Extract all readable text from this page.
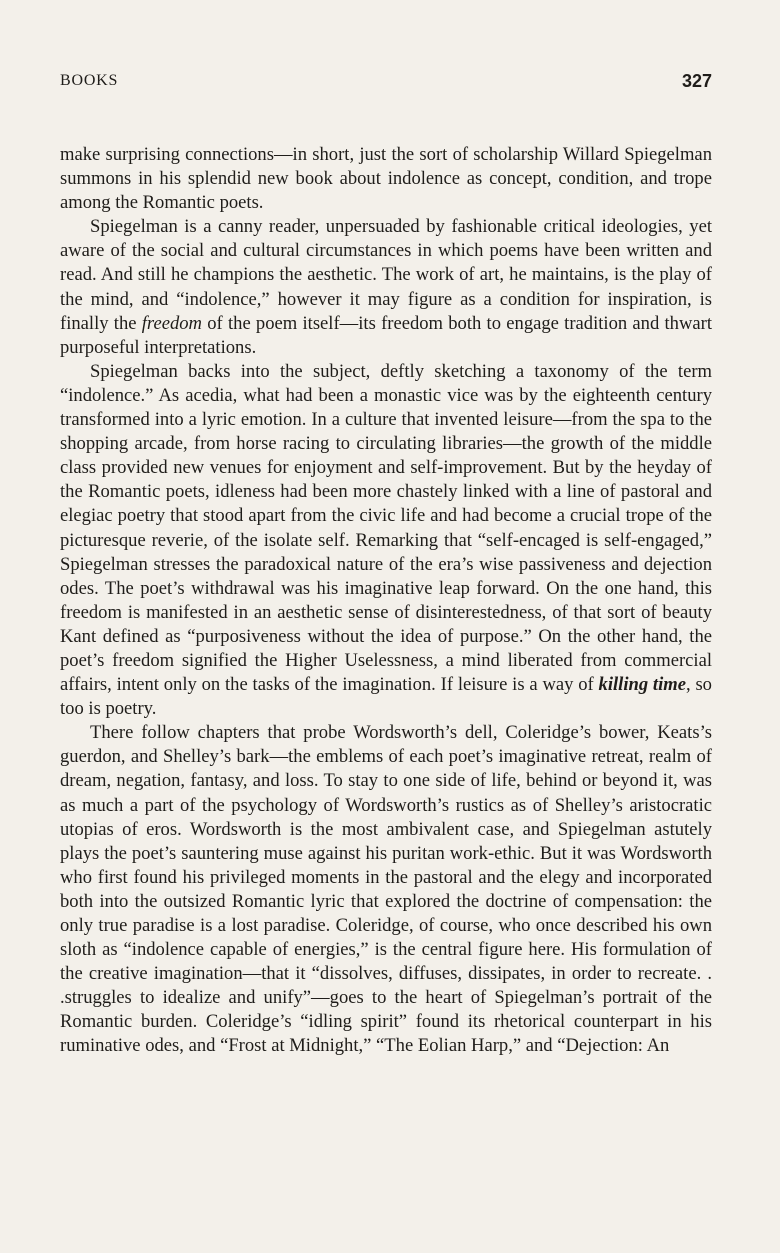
BOOKS	327

make surprising connections—in short, just the sort of scholarship Willard Spiegelman summons in his splendid new book about indolence as concept, condition, and trope among the Romantic poets.

Spiegelman is a canny reader, unpersuaded by fashionable critical ideologies, yet aware of the social and cultural circumstances in which poems have been written and read. And still he champions the aesthetic. The work of art, he maintains, is the play of the mind, and “indolence,” however it may figure as a condition for inspiration, is finally the freedom of the poem itself—its freedom both to engage tradition and thwart purposeful interpretations.

Spiegelman backs into the subject, deftly sketching a taxonomy of the term “indolence.” As acedia, what had been a monastic vice was by the eighteenth century transformed into a lyric emotion. In a culture that invented leisure—from the spa to the shopping arcade, from horse racing to circulating libraries—the growth of the middle class provided new venues for enjoyment and self-improvement. But by the heyday of the Romantic poets, idleness had been more chastely linked with a line of pastoral and elegiac poetry that stood apart from the civic life and had become a crucial trope of the picturesque reverie, of the isolate self. Remarking that “self-encaged is self-engaged,” Spiegelman stresses the paradoxical nature of the era’s wise passiveness and dejection odes. The poet’s withdrawal was his imaginative leap forward. On the one hand, this freedom is manifested in an aesthetic sense of disinterestedness, of that sort of beauty Kant defined as “purposiveness without the idea of purpose.” On the other hand, the poet’s freedom signified the Higher Uselessness, a mind liberated from commercial affairs, intent only on the tasks of the imagination. If leisure is a way of killing time, so too is poetry.

There follow chapters that probe Wordsworth’s dell, Coleridge’s bower, Keats’s guerdon, and Shelley’s bark—the emblems of each poet’s imaginative retreat, realm of dream, negation, fantasy, and loss. To stay to one side of life, behind or beyond it, was as much a part of the psychology of Wordsworth’s rustics as of Shelley’s aristocratic utopias of eros. Wordsworth is the most ambivalent case, and Spiegelman astutely plays the poet’s sauntering muse against his puritan work-ethic. But it was Wordsworth who first found his privileged moments in the pastoral and the elegy and incorporated both into the outsized Romantic lyric that explored the doctrine of compensation: the only true paradise is a lost paradise. Coleridge, of course, who once described his own sloth as “indolence capable of energies,” is the central figure here. His formulation of the creative imagination—that it “dissolves, diffuses, dissipates, in order to recreate. . .struggles to idealize and unify”—goes to the heart of Spiegelman’s portrait of the Romantic burden. Coleridge’s “idling spirit” found its rhetorical counterpart in his ruminative odes, and “Frost at Midnight,” “The Eolian Harp,” and “Dejection: An
